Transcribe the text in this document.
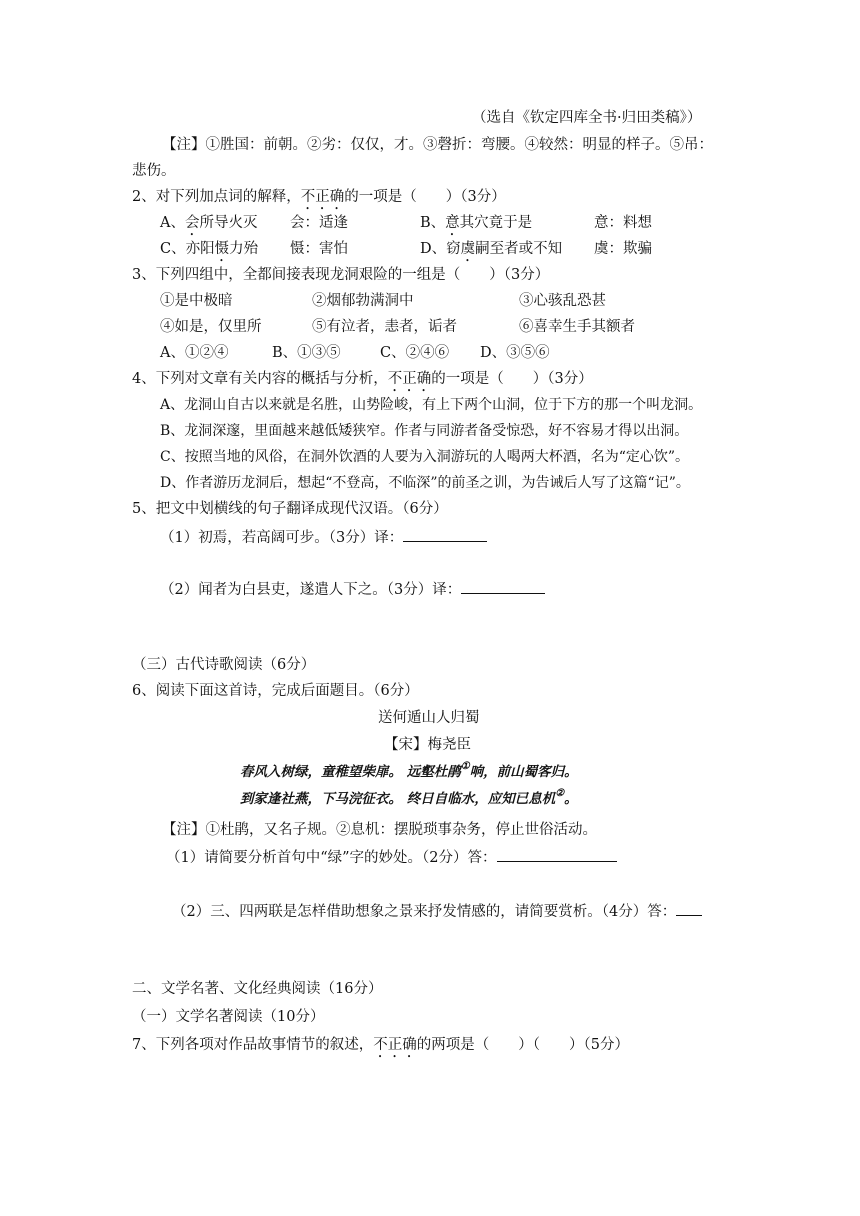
（选自《钦定四库全书·归田类稿》）
【注】①胜国：前朝。②劣：仅仅，才。③磬折：弯腰。④较然：明显的样子。⑤吊：
悲伤。
2、对下列加点词的解释，不正确的一项是（　　）（3分）
A、会所导火灭 会：适逢	B、意其穴竟于是	意：料想
C、亦阳慑力殆 慑：害怕	D、窃虞嗣至者或不知 虞：欺骗
3、下列四组中，全都间接表现龙洞艰险的一组是（　　）（3分）
①是中极暗	②烟郁勃满洞中	③心骇乱恐甚
④如是，仅里所	⑤有泣者，恚者，诟者	⑥喜幸生手其额者
A、①②④	B、①③⑤	C、②④⑥ D、③⑤⑥
4、下列对文章有关内容的概括与分析，不正确的一项是（　　）（3分）
A、龙洞山自古以来就是名胜，山势险峻，有上下两个山洞，位于下方的那一个叫龙洞。
B、龙洞深邃，里面越来越低矮狭窄。作者与同游者备受惊恐，好不容易才得以出洞。
C、按照当地的风俗，在洞外饮酒的人要为入洞游玩的人喝两大杯酒，名为“定心饮”。
D、作者游历龙洞后，想起“不登高，不临深”的前圣之训，为告诫后人写了这篇“记”。
5、把文中划横线的句子翻译成现代汉语。（6分）
（1）初焉，若高阔可步。（3分）译：
（2）闻者为白县吏，遂遣人下之。（3分）译：
（三）古代诗歌阅读（6分）
6、阅读下面这首诗，完成后面题目。（6分）
送何遁山人归蜀
【宋】梅尧臣
春风入树绿，童稚望柴扉。 远壑杜鹃①响，前山蜀客归。
到家逢社燕，下马浣征衣。 终日自临水，应知已息机②。
【注】①杜鹃，又名子规。②息机：摆脱琐事杂务，停止世俗活动。
（1）请简要分析首句中“绿”字的妙处。（2分）答：
（2）三、四两联是怎样借助想象之景来抒发情感的，请简要赏析。（4分）答：
二、文学名著、文化经典阅读（16分）
（一）文学名著阅读（10分）
7、下列各项对作品故事情节的叙述，不正确的两项是（　　）（　　）（5分）
